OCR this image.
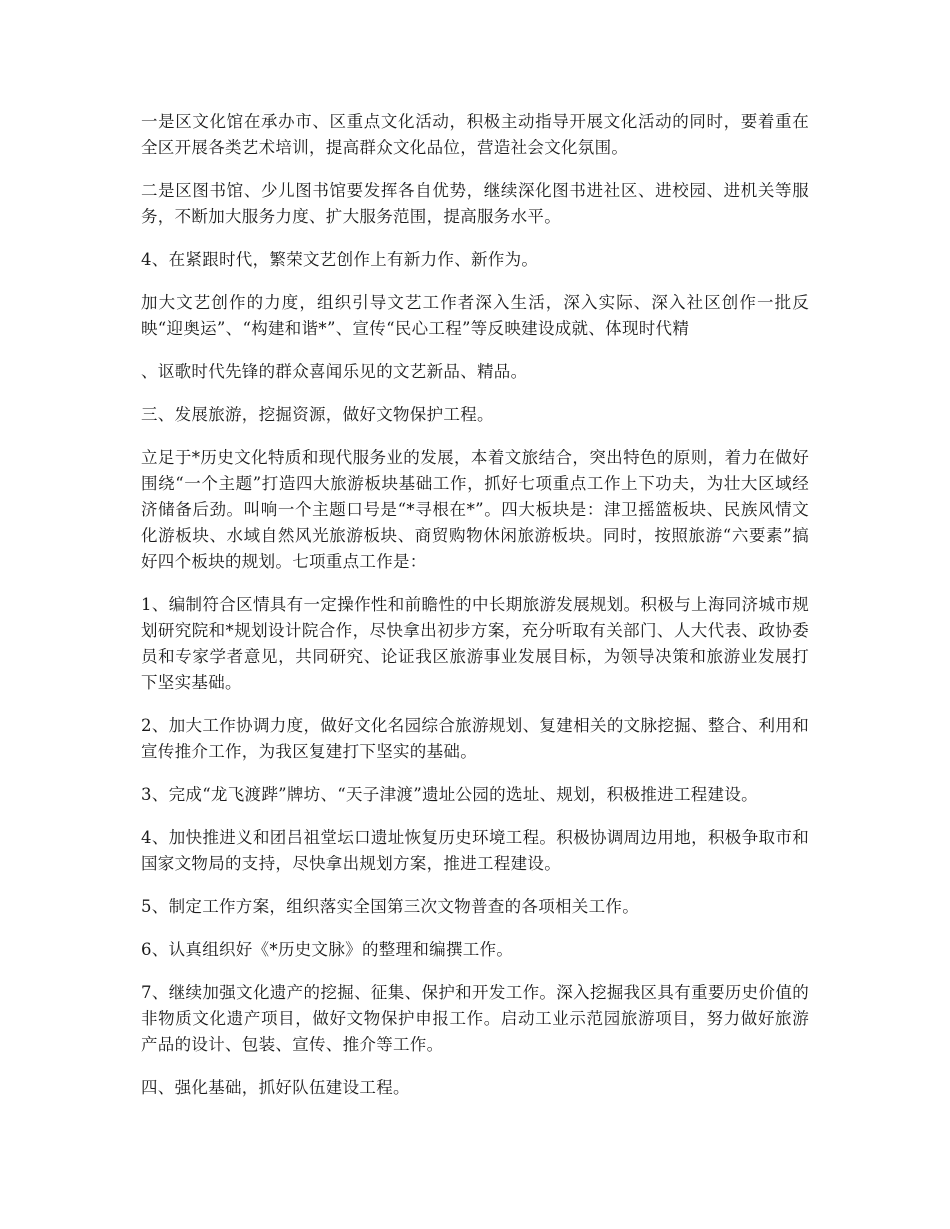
一是区文化馆在承办市、区重点文化活动，积极主动指导开展文化活动的同时，要着重在全区开展各类艺术培训，提高群众文化品位，营造社会文化氛围。

二是区图书馆、少儿图书馆要发挥各自优势，继续深化图书进社区、进校园、进机关等服务，不断加大服务力度、扩大服务范围，提高服务水平。

4、在紧跟时代，繁荣文艺创作上有新力作、新作为。

加大文艺创作的力度，组织引导文艺工作者深入生活，深入实际、深入社区创作一批反映“迎奥运”、“构建和谐*”、宣传“民心工程”等反映建设成就、体现时代精

、讴歌时代先锋的群众喜闻乐见的文艺新品、精品。

三、发展旅游，挖掘资源，做好文物保护工程。

立足于*历史文化特质和现代服务业的发展，本着文旅结合，突出特色的原则，着力在做好围绕“一个主题”打造四大旅游板块基础工作，抓好七项重点工作上下功夫，为壮大区域经济储备后劲。叫响一个主题口号是“*寻根在*”。四大板块是：津卫摇篮板块、民族风情文化游板块、水域自然风光旅游板块、商贸购物休闲旅游板块。同时，按照旅游“六要素”搞好四个板块的规划。七项重点工作是：

1、编制符合区情具有一定操作性和前瞻性的中长期旅游发展规划。积极与上海同济城市规划研究院和*规划设计院合作，尽快拿出初步方案，充分听取有关部门、人大代表、政协委员和专家学者意见，共同研究、论证我区旅游事业发展目标，为领导决策和旅游业发展打下坚实基础。

2、加大工作协调力度，做好文化名园综合旅游规划、复建相关的文脉挖掘、整合、利用和宣传推介工作，为我区复建打下坚实的基础。

3、完成“龙飞渡跸”牌坊、“天子津渡”遗址公园的选址、规划，积极推进工程建设。

4、加快推进义和团吕祖堂坛口遗址恢复历史环境工程。积极协调周边用地，积极争取市和国家文物局的支持，尽快拿出规划方案，推进工程建设。

5、制定工作方案，组织落实全国第三次文物普查的各项相关工作。

6、认真组织好《*历史文脉》的整理和编撰工作。

7、继续加强文化遗产的挖掘、征集、保护和开发工作。深入挖掘我区具有重要历史价值的非物质文化遗产项目，做好文物保护申报工作。启动工业示范园旅游项目，努力做好旅游产品的设计、包装、宣传、推介等工作。

四、强化基础，抓好队伍建设工程。
